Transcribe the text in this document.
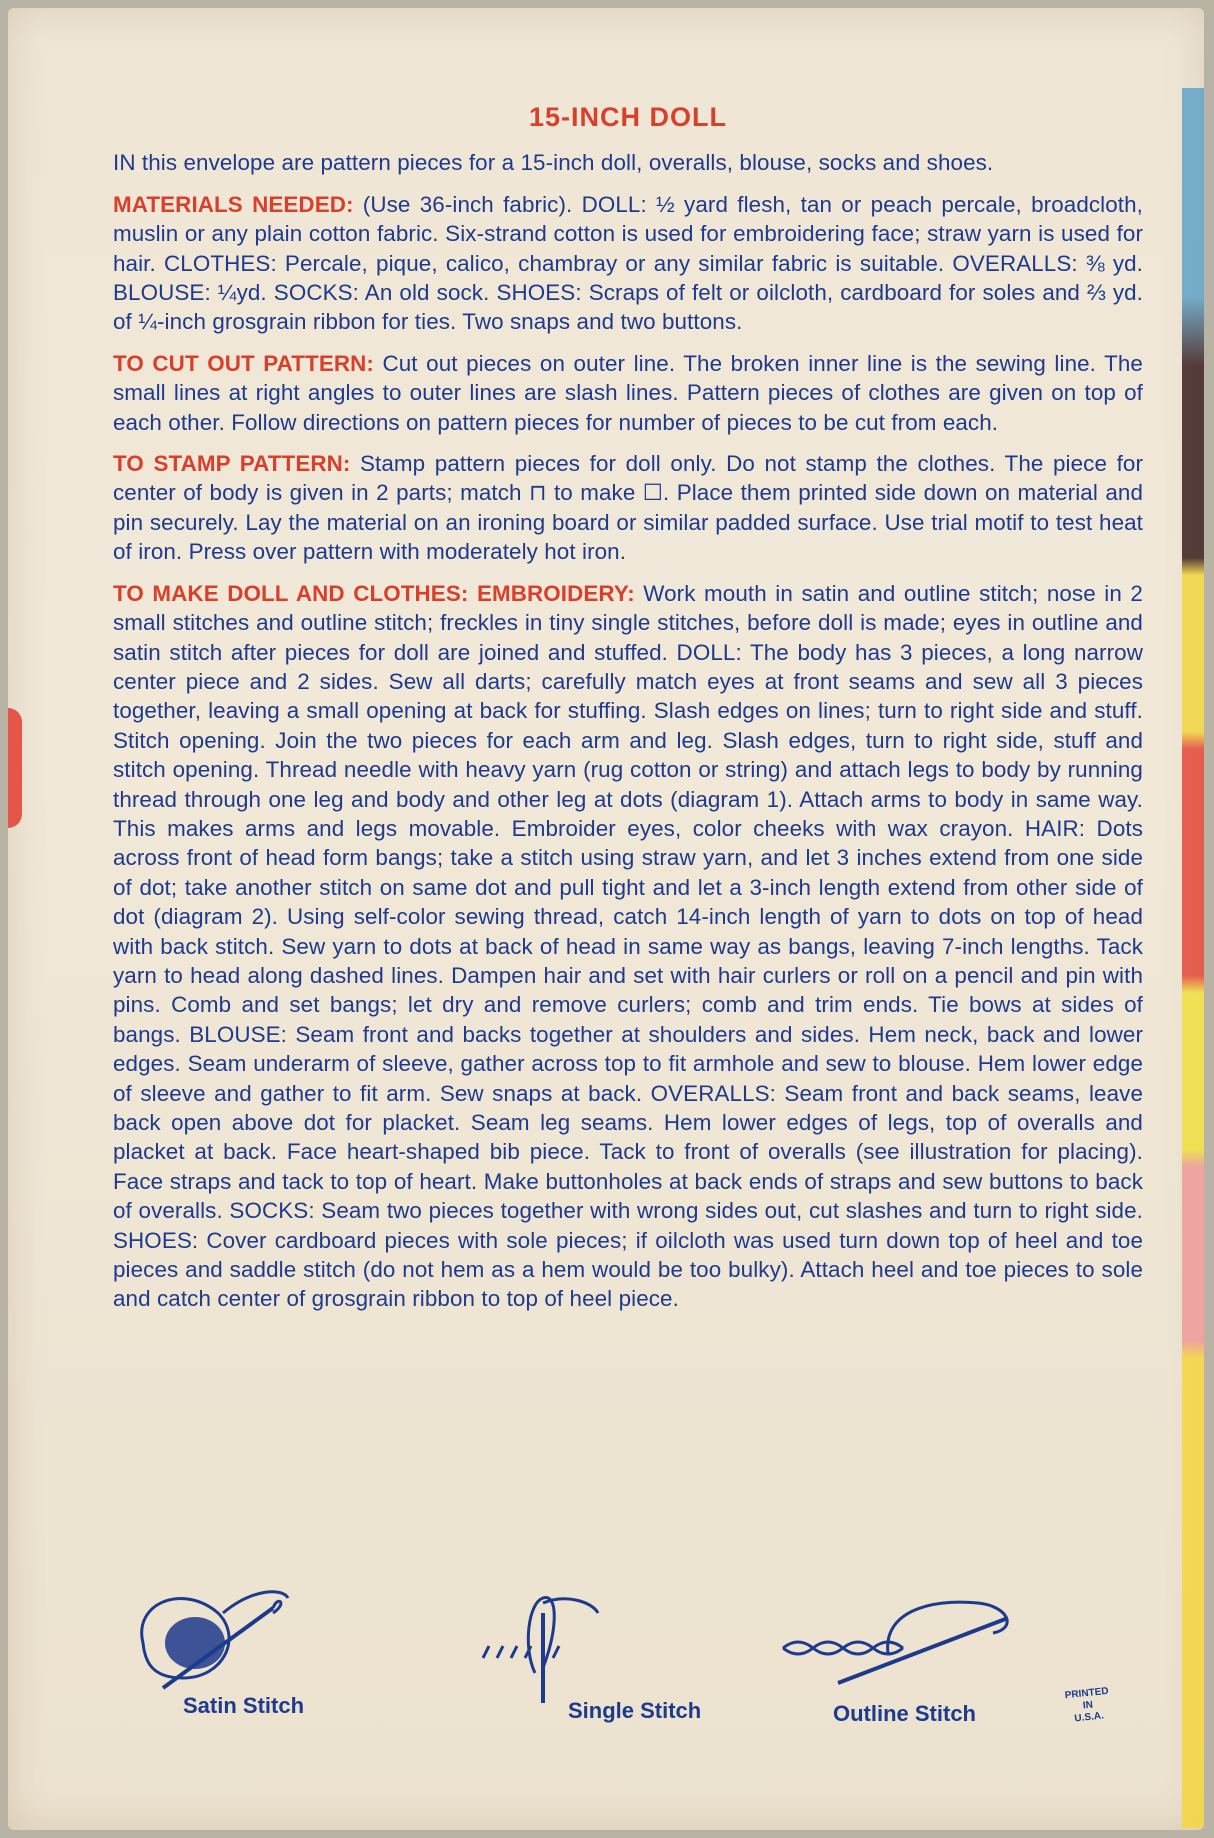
15-INCH DOLL

IN this envelope are pattern pieces for a 15-inch doll, overalls, blouse, socks and shoes.

MATERIALS NEEDED: (Use 36-inch fabric). DOLL: ½ yard flesh, tan or peach percale, broadcloth, muslin or any plain cotton fabric. Six-strand cotton is used for embroidering face; straw yarn is used for hair. CLOTHES: Percale, pique, calico, chambray or any similar fabric is suitable. OVERALLS: ⅜ yd. BLOUSE: ¼yd. SOCKS: An old sock. SHOES: Scraps of felt or oilcloth, cardboard for soles and ⅔ yd. of ¼-inch grosgrain ribbon for ties. Two snaps and two buttons.

TO CUT OUT PATTERN: Cut out pieces on outer line. The broken inner line is the sewing line. The small lines at right angles to outer lines are slash lines. Pattern pieces of clothes are given on top of each other. Follow directions on pattern pieces for number of pieces to be cut from each.

TO STAMP PATTERN: Stamp pattern pieces for doll only. Do not stamp the clothes. The piece for center of body is given in 2 parts; match ⊓ to make ☐. Place them printed side down on material and pin securely. Lay the material on an ironing board or similar padded surface. Use trial motif to test heat of iron. Press over pattern with moderately hot iron.

TO MAKE DOLL AND CLOTHES: EMBROIDERY: Work mouth in satin and outline stitch; nose in 2 small stitches and outline stitch; freckles in tiny single stitches, before doll is made; eyes in outline and satin stitch after pieces for doll are joined and stuffed. DOLL: The body has 3 pieces, a long narrow center piece and 2 sides. Sew all darts; carefully match eyes at front seams and sew all 3 pieces together, leaving a small opening at back for stuffing. Slash edges on lines; turn to right side and stuff. Stitch opening. Join the two pieces for each arm and leg. Slash edges, turn to right side, stuff and stitch opening. Thread needle with heavy yarn (rug cotton or string) and attach legs to body by running thread through one leg and body and other leg at dots (diagram 1). Attach arms to body in same way. This makes arms and legs movable. Embroider eyes, color cheeks with wax crayon. HAIR: Dots across front of head form bangs; take a stitch using straw yarn, and let 3 inches extend from one side of dot; take another stitch on same dot and pull tight and let a 3-inch length extend from other side of dot (diagram 2). Using self-color sewing thread, catch 14-inch length of yarn to dots on top of head with back stitch. Sew yarn to dots at back of head in same way as bangs, leaving 7-inch lengths. Tack yarn to head along dashed lines. Dampen hair and set with hair curlers or roll on a pencil and pin with pins. Comb and set bangs; let dry and remove curlers; comb and trim ends. Tie bows at sides of bangs. BLOUSE: Seam front and backs together at shoulders and sides. Hem neck, back and lower edges. Seam underarm of sleeve, gather across top to fit armhole and sew to blouse. Hem lower edge of sleeve and gather to fit arm. Sew snaps at back. OVERALLS: Seam front and back seams, leave back open above dot for placket. Seam leg seams. Hem lower edges of legs, top of overalls and placket at back. Face heart-shaped bib piece. Tack to front of overalls (see illustration for placing). Face straps and tack to top of heart. Make buttonholes at back ends of straps and sew buttons to back of overalls. SOCKS: Seam two pieces together with wrong sides out, cut slashes and turn to right side. SHOES: Cover cardboard pieces with sole pieces; if oilcloth was used turn down top of heel and toe pieces and saddle stitch (do not hem as a hem would be too bulky). Attach heel and toe pieces to sole and catch center of grosgrain ribbon to top of heel piece.

Satin Stitch	Single Stitch	Outline Stitch
PRINTED
IN
U.S.A.
